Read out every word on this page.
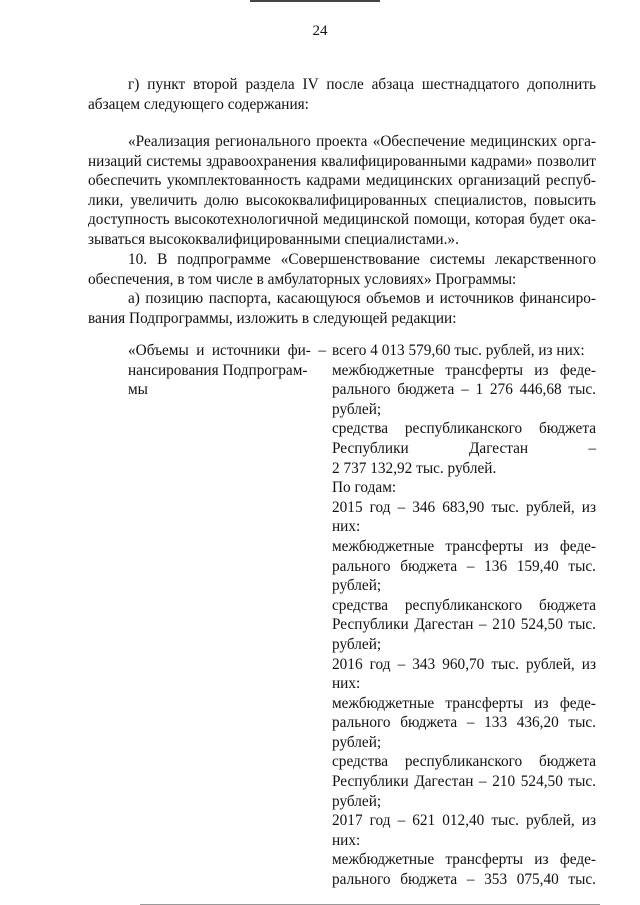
24
г) пункт второй раздела IV после абзаца шестнадцатого дополнить
абзацем следующего содержания:
«Реализация регионального проекта «Обеспечение медицинских орга-
низаций системы здравоохранения квалифицированными кадрами» позволит
обеспечить укомплектованность кадрами медицинских организаций респуб-
лики, увеличить долю высококвалифицированных специалистов, повысить
доступность высокотехнологичной медицинской помощи, которая будет ока-
зываться высококвалифицированными специалистами.».
10. В подпрограмме «Совершенствование системы лекарственного
обеспечения, в том числе в амбулаторных условиях» Программы:
а) позицию паспорта, касающуюся объемов и источников финансиро-
вания Подпрограммы, изложить в следующей редакции:
«Объемы и источники фи- –
нансирования Подпрограм-
мы
всего 4 013 579,60 тыс. рублей, из них:
межбюджетные трансферты из феде-
рального бюджета – 1 276 446,68 тыс.
рублей;
средства республиканского бюджета
Республики Дагестан –
2 737 132,92 тыс. рублей.
По годам:
2015 год – 346 683,90 тыс. рублей, из
них:
межбюджетные трансферты из феде-
рального бюджета – 136 159,40 тыс.
рублей;
средства республиканского бюджета
Республики Дагестан – 210 524,50 тыс.
рублей;
2016 год – 343 960,70 тыс. рублей, из
них:
межбюджетные трансферты из феде-
рального бюджета – 133 436,20 тыс.
рублей;
средства республиканского бюджета
Республики Дагестан – 210 524,50 тыс.
рублей;
2017 год – 621 012,40 тыс. рублей, из
них:
межбюджетные трансферты из феде-
рального бюджета – 353 075,40 тыс.
